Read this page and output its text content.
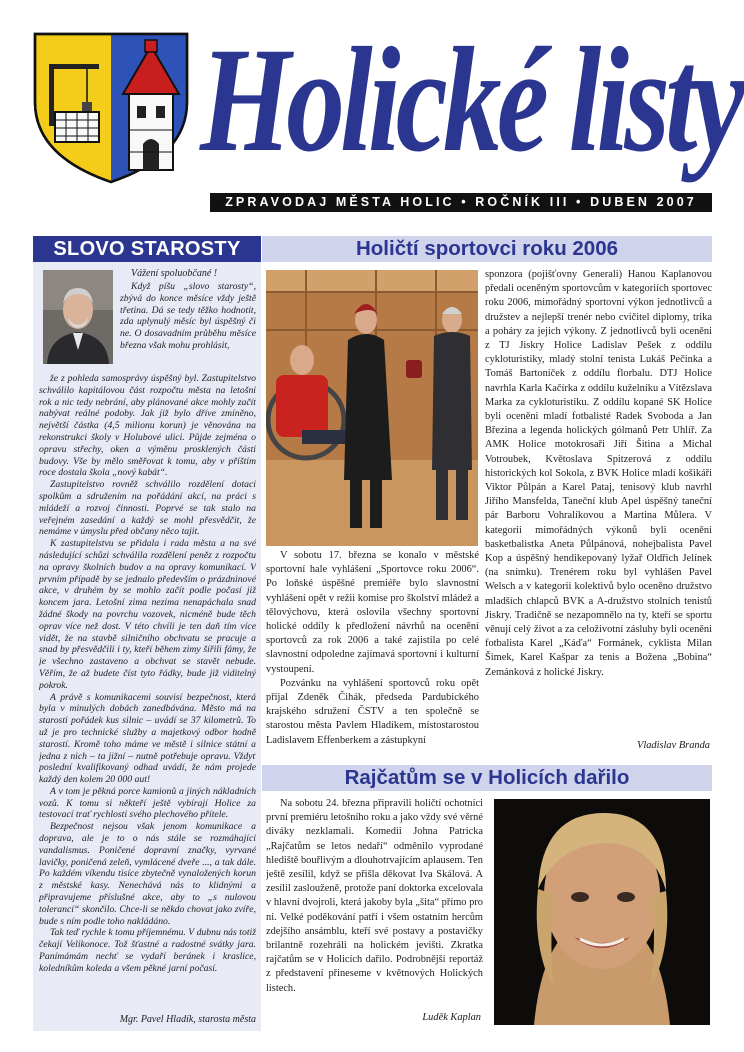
Holické listy
ZPRAVODAJ MĚSTA HOLIC • ROČNÍK III • DUBEN 2007
SLOVO STAROSTY
Vážení spoluobčané !

Když píšu „slovo starosty“, zbývá do konce měsíce vždy ještě třetina. Dá se tedy těžko hodnotit, zda uplynulý měsíc byl úspěšný či ne. O dosavadním průběhu měsíce března však mohu prohlásit,

že z pohleda samosprávy úspěšný byl. Zastupitelstvo schválilo kapitálovou část rozpočtu města na letošní rok a nic tedy nebrání, aby plánované akce mohly začít nabývat reálné podoby. Jak již bylo dříve zmíněno, největší částka (4,5 milionu korun) je věnována na rekonstrukci školy v Holubové ulici. Půjde zejména o opravu střechy, oken a výměnu prosklených částí budovy. Vše by mělo směřovat k tomu, aby v příštím roce dostala škola „nový kabát“.

Zastupitelstvo rovněž schválilo rozdělení dotací spolkům a sdružením na pořádání akcí, na práci s mládeží a rozvoj činnosti. Poprvé se tak stalo na veřejném zasedání a každý se mohl přesvědčit, že nemáme v úmyslu před občany něco tajit.

K zastupitelstvu se přidala i rada města a na své následující schůzi schválila rozdělení peněz z rozpočtu na opravy školních budov a na opravy komunikací. V prvním případě by se jednalo především o prázdninové akce, v druhém by se mohlo začít podle počasí již koncem jara. Letošní zima nezima nenapáchala snad žádné škody na povrchu vozovek, nicméně bude těch oprav více než dost. V této chvíli je ten daň tím více vidět, že na stavbě silničního obchvatu se pracuje a snad by přesvědčili i ty, kteří během zimy šířili fámy, že je všechno zastaveno a obchvat se stavět nebude. Věřím, že až budete číst tyto řádky, bude již viditelný pokrok.

A právě s komunikacemi souvisí bezpečnost, která byla v minulých dobách zanedbávána. Město má na starosti pořádek kus silnic – uvádí se 37 kilometrů. To už je pro technické služby a majetkový odbor hodně starostí. Kromě toho máme ve městě i silnice státní a jedna z nich – ta jižní – nutně potřebuje opravu. Vždyť poslední kvalifikovaný odhad uvádí, že nám projede každý den kolem 20 000 aut!

A v tom je pěkná porce kamionů a jiných nákladních vozů. K tomu si někteří ještě vybírají Holice za testovací trať rychlosti svého plechového přítele.

Bezpečnost nejsou však jenom komunikace a doprava, ale je to o nás stále se rozmáhající vandalismus. Poničené dopravní značky, vyrvané lavičky, poničená zeleň, vymlácené dveře ..., a tak dále. Po každém víkendu tisíce zbytečně vynaložených korun z městské kasy. Nenechává nás to klidnými a připravujeme příslušné akce, aby to „s nulovou tolerancí“ skončilo. Chce-li se někdo chovat jako zvíře, bude s ním podle toho nakládáno.

Tak teď rychle k tomu příjemnému. V dubnu nás totiž čekají Velikonoce. Tož šťastné a radostné svátky jara. Panímámám nechť se vydaří beránek i kraslice, koledníkům koleda a všem pěkné jarní počasí.

Mgr. Pavel Hladík, starosta města
Holičtí sportovci roku 2006

V sobotu 17. března se konalo v městské sportovní hale vyhlášení „Sportovce roku 2006“. Po loňské úspěšné premiéře bylo slavnostní vyhlášení opět v režii komise pro školství mládež a tělovýchovu, která oslovila všechny sportovní holické oddíly k předložení návrhů na ocenění sportovců za rok 2006 a také zajistila po celé slavnostní odpoledne zajímavá sportovní i kulturní vystoupení.

Pozvánku na vyhlášení sportovců roku opět přijal Zdeněk Čihák, předseda Pardubického krajského sdružení ČSTV a ten společně se starostou města Pavlem Hladíkem, místostarostou Ladislavem Effenberkem a zástupkyní

sponzora (pojišťovny Generali) Hanou Kaplanovou předali oceněným sportovcům v kategoriích sportovec roku 2006, mimořádný sportovní výkon jednotlivců a družstev a nejlepší trenér nebo cvičitel diplomy, trika a poháry za jejich výkony. Z jednotlivců byli oceněni z TJ Jiskry Holice Ladislav Pešek z oddílu cykloturistiky, mladý stolní tenista Lukáš Pečinka a Tomáš Bartoníček z oddílu florbalu. DTJ Holice navrhla Karla Kačírka z oddílu kuželníku a Vítězslava Marka za cykloturistiku. Z oddílu kopané SK Holice byli oceněni mladí fotbalisté Radek Svoboda a Jan Březina a legenda holických gólmanů Petr Uhlíř. Za AMK Holice motokrosaři Jiří Šitina a Michal Votroubek, Květoslava Spitzerová z oddílu historických kol Sokola, z BVK Holice mladí košikáři Viktor Půlpán a Karel Pataj, tenisový klub navrhl Jiřího Mansfelda, Taneční klub Apel úspěšný taneční pár Barboru Vohralíkovou a Martina Můlera. V kategorii mimořádných výkonů byli oceněni basketbalistka Aneta Půlpánová, nohejbalista Pavel Kop a úspěšný hendikepovaný lyžař Oldřich Jelínek (na snímku). Trenérem roku byl vyhlášen Pavel Welsch a v kategorii kolektivů bylo oceněno družstvo mladších chlapců BVK a A-družstvo stolních tenistů Jiskry. Tradičně se nezapomnělo na ty, kteří se sportu věnují celý život a za celoživotní zásluhy byli oceněni fotbalista Karel „Káďa“ Formánek, cyklista Milan Šimek, Karel Kašpar za tenis a Božena „Bobina“ Zemánková z holické Jiskry.

Vladislav Branda
Rajčatům se v Holicích dařilo

Na sobotu 24. března připravili holičtí ochotníci první premiéru letošního roku a jako vždy své věrné diváky nezklamali. Komedii Johna Patricka „Rajčatům se letos nedaří“ odměnilo vyprodané hlediště bouřlivým a dlouhotrvajícím aplausem. Ten ještě zesílil, když se přišla děkovat Iva Skálová. A zesílil zaslouženě, protože paní doktorka excelovala v hlavní dvojroli, která jakoby byla „šita“ přímo pro ni. Velké poděkování patří i všem ostatním hercům zdejšího ansámblu, kteří své postavy a postavičky brilantně rozehráli na holickém jevišti. Zkratka rajčatům se v Holicích dařilo. Podrobnější reportáž z představení přineseme v květnových Holických listech.

Luděk Kaplan
